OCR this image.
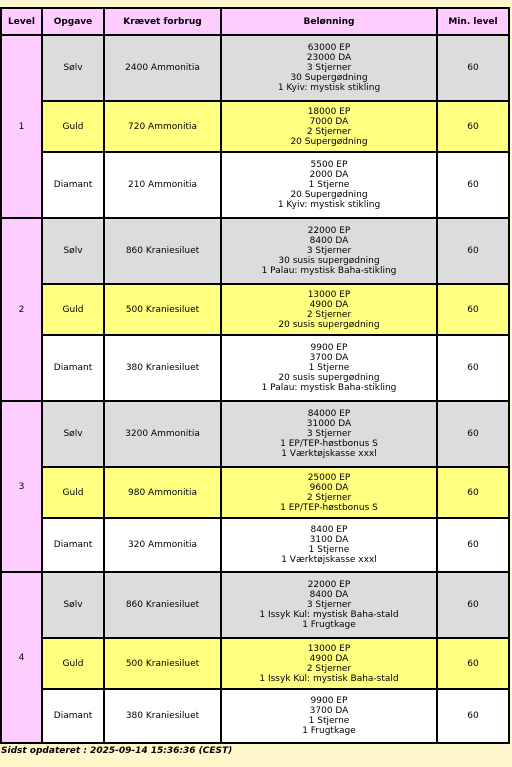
Level	Opgave	Krævet forbrug	Belønning	Min. level
1	Sølv	2400 Ammonitia	63000 EP
23000 DA
3 Stjerner
30 Supergødning
1 Kyiv: mystisk stikling	60
	Guld	720 Ammonitia	18000 EP
7000 DA
2 Stjerner
20 Supergødning	60
	Diamant	210 Ammonitia	5500 EP
2000 DA
1 Stjerne
20 Supergødning
1 Kyiv: mystisk stikling	60
2	Sølv	860 Kraniesiluet	22000 EP
8400 DA
3 Stjerner
30 susis supergødning
1 Palau: mystisk Baha-stikling	60
	Guld	500 Kraniesiluet	13000 EP
4900 DA
2 Stjerner
20 susis supergødning	60
	Diamant	380 Kraniesiluet	9900 EP
3700 DA
1 Stjerne
20 susis supergødning
1 Palau: mystisk Baha-stikling	60
3	Sølv	3200 Ammonitia	84000 EP
31000 DA
3 Stjerner
1 EP/TEP-høstbonus S
1 Værktøjskasse xxxl	60
	Guld	980 Ammonitia	25000 EP
9600 DA
2 Stjerner
1 EP/TEP-høstbonus S	60
	Diamant	320 Ammonitia	8400 EP
3100 DA
1 Stjerne
1 Værktøjskasse xxxl	60
4	Sølv	860 Kraniesiluet	22000 EP
8400 DA
3 Stjerner
1 Issyk Kul: mystisk Baha-stald
1 Frugtkage	60
	Guld	500 Kraniesiluet	13000 EP
4900 DA
2 Stjerner
1 Issyk Kul: mystisk Baha-stald	60
	Diamant	380 Kraniesiluet	9900 EP
3700 DA
1 Stjerne
1 Frugtkage	60
Sidst opdateret : 2025-09-14 15:36:36 (CEST)
